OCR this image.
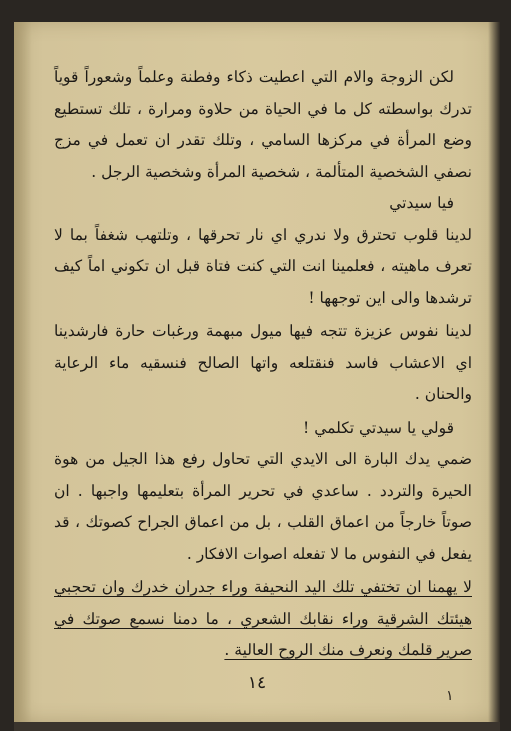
لكن الزوجة والام التي اعطيت ذكاء وفطنة وعلماً وشعوراً قوياً تدرك بواسطته كل ما في الحياة من حلاوة ومرارة ، تلك تستطيع وضع المرأة في مركزها السامي ، وتلك تقدر ان تعمل في مزج نصفي الشخصية المتألمة ، شخصية المرأة وشخصية الرجل .

فيا سيدتي

لدينا قلوب تحترق ولا ندري اي نار تحرقها ، وتلتهب شغفاً بما لا تعرف ماهيته ، فعلمينا انت التي كنت فتاة قبل ان تكوني اماً كيف ترشدها والى اين توجهها !

لدينا نفوس عزيزة تتجه فيها ميول مبهمة ورغبات حارة فارشدينا اي الاعشاب فاسد فنقتلعه واتها الصالح فنسقيه ماء الرعاية والحنان .

قولي يا سيدتي تكلمي !

ضمي يدك البارة الى الايدي التي تحاول رفع هذا الجيل من هوة الحيرة والتردد . ساعدي في تحرير المرأة بتعليمها واجبها . ان صوتاً خارجاً من اعماق القلب ، بل من اعماق الجراح كصوتك ، قد يفعل في النفوس ما لا تفعله اصوات الافكار .

لا يهمنا ان تختفي تلك اليد النحيفة وراء جدران خدرك وان تحجبي هيئتك الشرقية وراء نقابك الشعري ، ما دمنا نسمع صوتك في صرير قلمك ونعرف منك الروح العالية .

١٤
١
